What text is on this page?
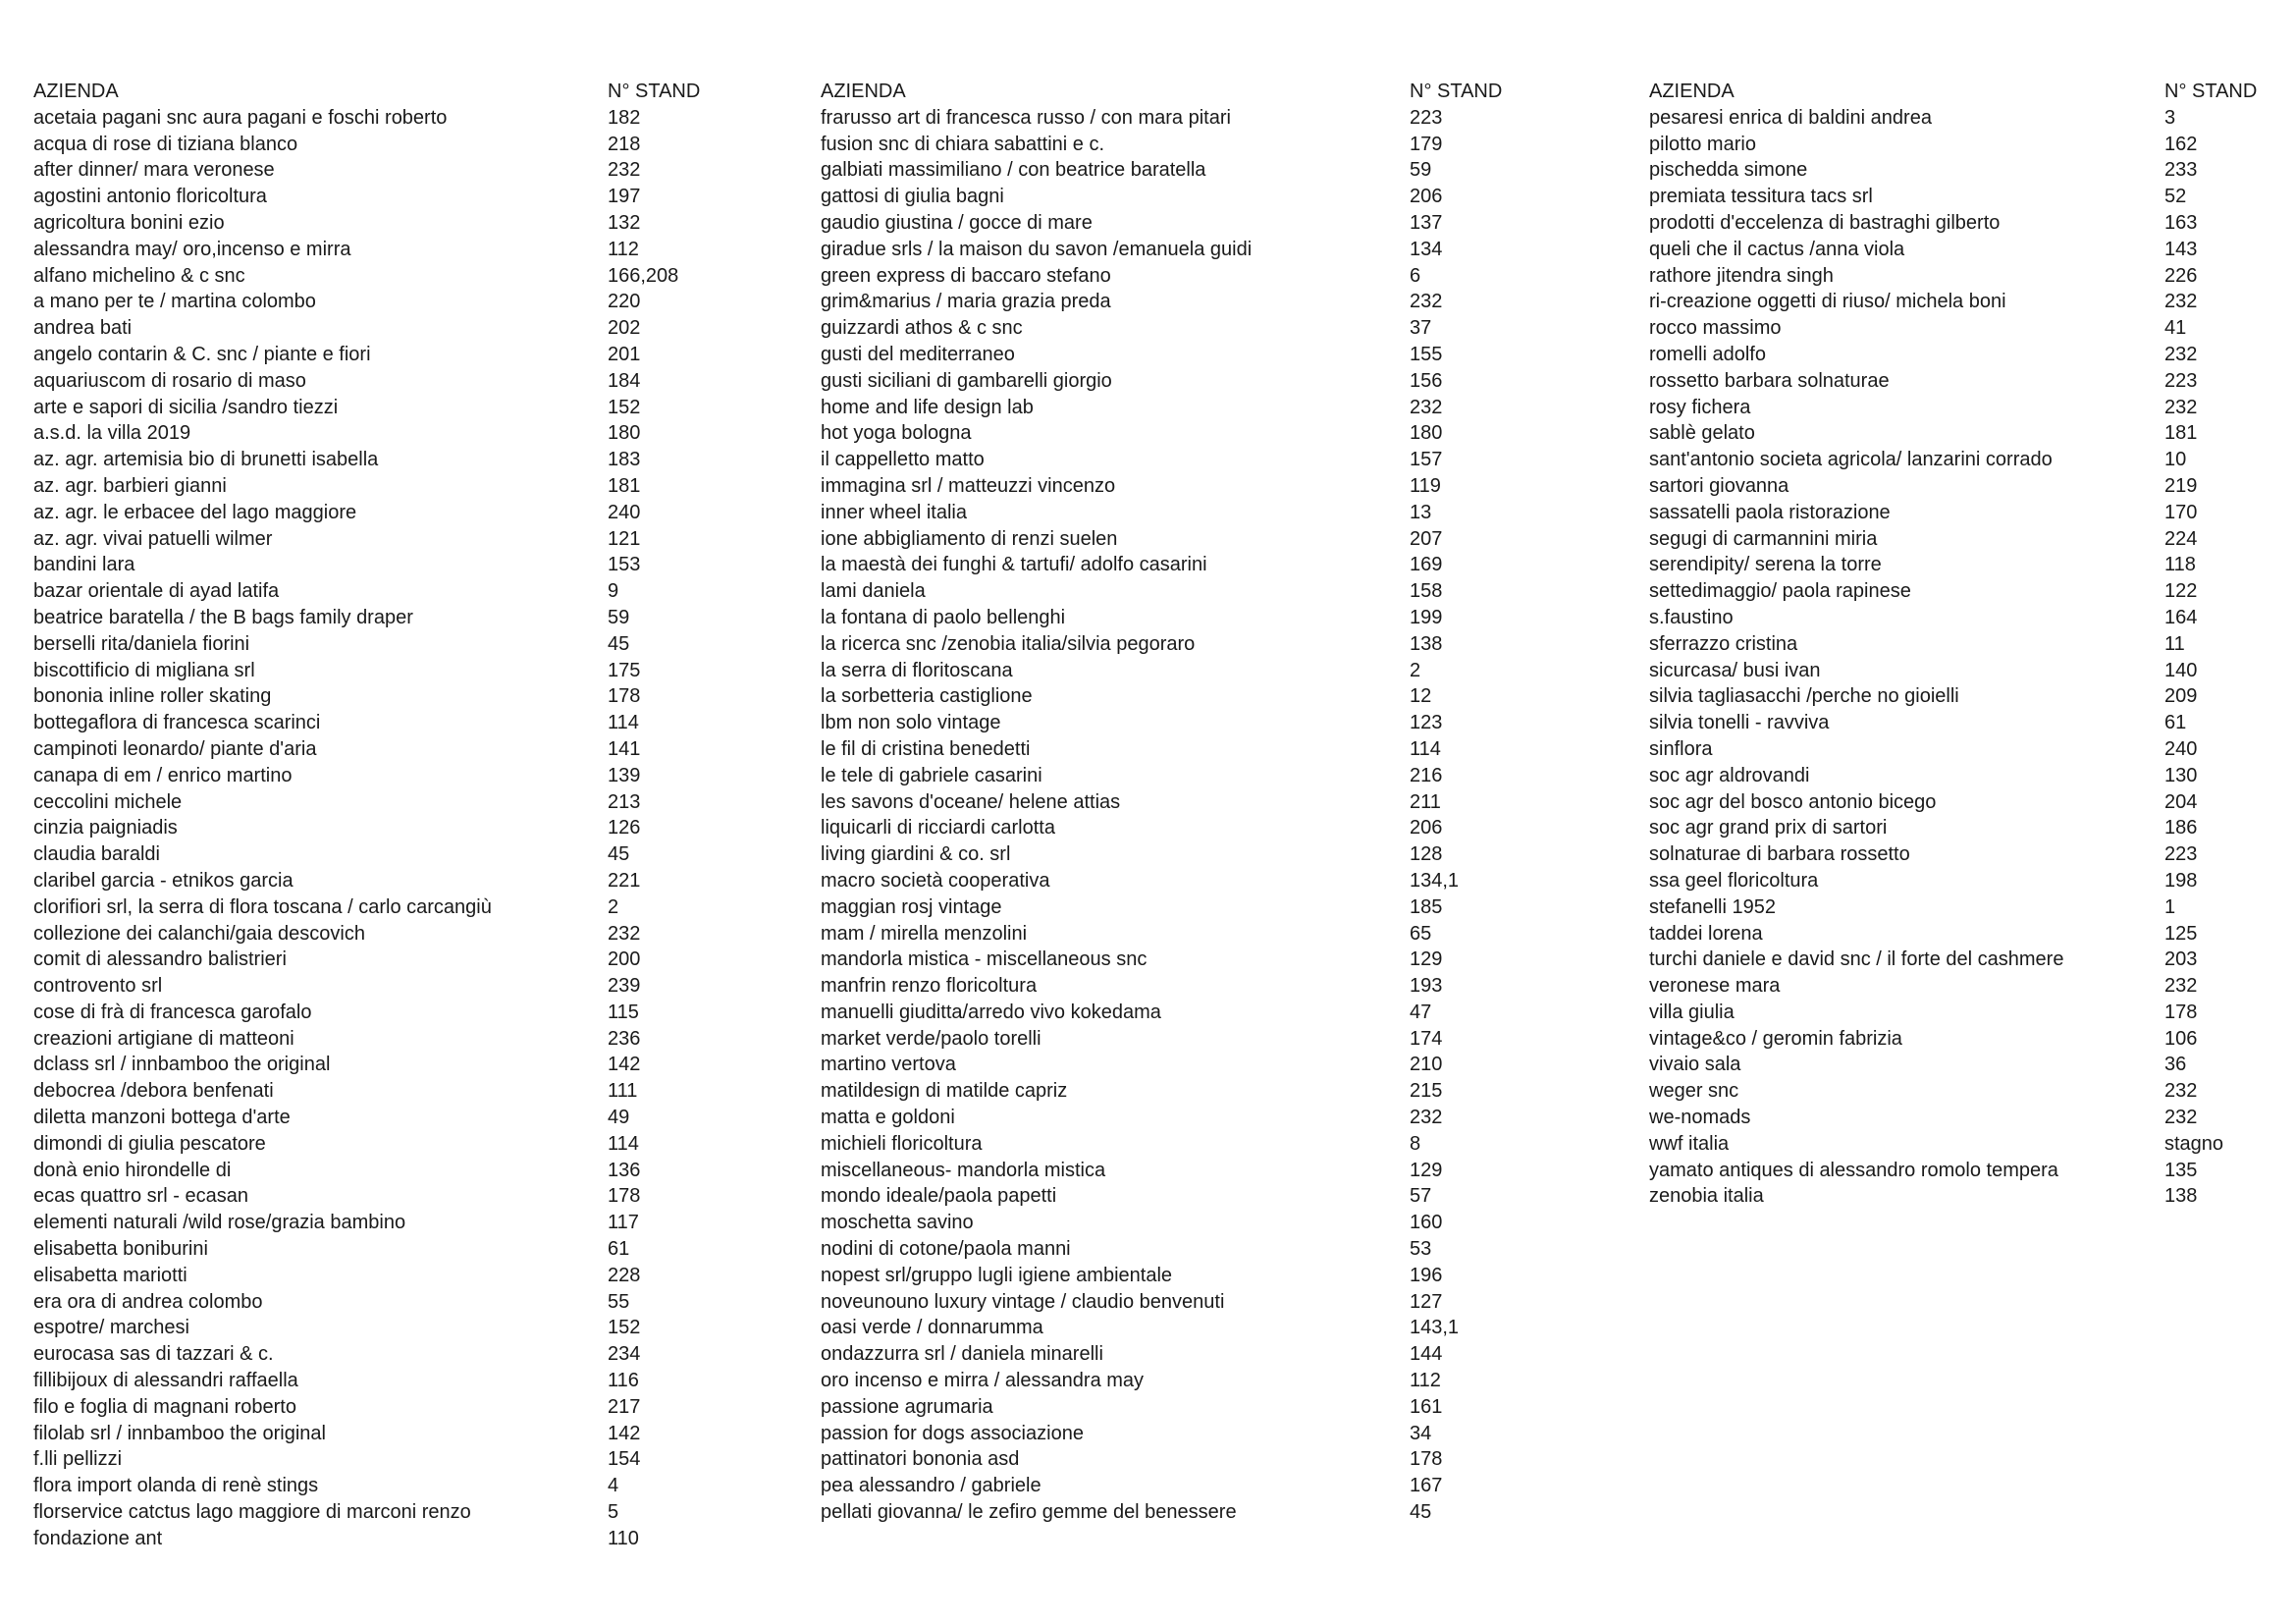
AZIENDA	N° STAND
acetaia pagani snc aura pagani e foschi roberto	182
acqua di rose di tiziana blanco	218
after dinner/ mara veronese	232
agostini antonio floricoltura	197
agricoltura bonini ezio	132
alessandra may/ oro,incenso e mirra	112
alfano michelino & c snc	166,208
a mano per te / martina colombo	220
andrea bati	202
angelo contarin & C. snc / piante e fiori	201
aquariuscom di rosario di maso	184
arte e sapori di sicilia /sandro tiezzi	152
a.s.d. la villa 2019	180
az. agr. artemisia bio di brunetti isabella	183
az. agr. barbieri gianni	181
az. agr. le erbacee del lago maggiore	240
az. agr. vivai patuelli wilmer	121
bandini lara	153
bazar orientale di ayad latifa	9
beatrice baratella / the B bags family draper	59
berselli rita/daniela fiorini	45
biscottificio di migliana srl	175
bononia inline roller skating	178
bottegaflora di francesca scarinci	114
campinoti leonardo/ piante d'aria	141
canapa di em / enrico martino	139
ceccolini michele	213
cinzia paigniadis	126
claudia baraldi	45
claribel garcia - etnikos garcia	221
clorifiori srl, la serra di flora toscana / carlo carcangiù	2
collezione dei calanchi/gaia descovich	232
comit di alessandro balistrieri	200
controvento srl	239
cose di frà di francesca garofalo	115
creazioni artigiane di matteoni	236
dclass srl / innbamboo the original	142
debocrea /debora benfenati	111
diletta manzoni bottega d'arte	49
dimondi di giulia pescatore	114
donà enio hirondelle di	136
ecas quattro srl - ecasan	178
elementi naturali /wild rose/grazia bambino	117
elisabetta boniburini	61
elisabetta mariotti	228
era ora di andrea colombo	55
espotre/ marchesi	152
eurocasa sas di tazzari & c.	234
fillibijoux di alessandri raffaella	116
filo e foglia di magnani roberto	217
filolab srl / innbamboo the original	142
f.lli pellizzi	154
flora import olanda di renè stings	4
florservice catctus lago maggiore di marconi renzo	5
fondazione ant	110
AZIENDA	N° STAND
frarusso art di francesca russo / con mara pitari	223
fusion snc di chiara sabattini e c.	179
galbiati massimiliano / con beatrice baratella	59
gattosi di giulia bagni	206
gaudio giustina / gocce di mare	137
giradue srls / la maison du savon /emanuela guidi	134
green express di baccaro stefano	6
grim&marius / maria grazia preda	232
guizzardi athos & c snc	37
gusti del mediterraneo	155
gusti siciliani di gambarelli giorgio	156
home and life design lab	232
hot yoga bologna	180
il cappelletto matto	157
immagina srl / matteuzzi vincenzo	119
inner wheel italia	13
ione abbigliamento di renzi suelen	207
la maestà dei funghi & tartufi/ adolfo casarini	169
lami daniela	158
la fontana di paolo bellenghi	199
la ricerca snc /zenobia italia/silvia pegoraro	138
la serra di floritoscana	2
la sorbetteria castiglione	12
lbm non solo vintage	123
le fil di cristina benedetti	114
le tele di gabriele casarini	216
les savons d'oceane/ helene attias	211
liquicarli di ricciardi carlotta	206
living giardini & co. srl	128
macro società cooperativa	134,1
maggian rosj vintage	185
mam / mirella menzolini	65
mandorla mistica - miscellaneous snc	129
manfrin renzo floricoltura	193
manuelli giuditta/arredo vivo kokedama	47
market verde/paolo torelli	174
martino vertova	210
matildesign di matilde capriz	215
matta e goldoni	232
michieli floricoltura	8
miscellaneous- mandorla mistica	129
mondo ideale/paola papetti	57
moschetta savino	160
nodini di cotone/paola manni	53
nopest srl/gruppo lugli igiene ambientale	196
noveunouno luxury vintage / claudio benvenuti	127
oasi verde / donnarumma	143,1
ondazzurra srl / daniela minarelli	144
oro incenso e mirra / alessandra may	112
passione agrumaria	161
passion for dogs associazione	34
pattinatori bononia asd	178
pea alessandro / gabriele	167
pellati giovanna/ le zefiro gemme del benessere	45
AZIENDA	N° STAND
pesaresi enrica di baldini andrea	3
pilotto mario	162
pischedda simone	233
premiata tessitura tacs srl	52
prodotti d'eccelenza di bastraghi gilberto	163
queli che il cactus /anna viola	143
rathore jitendra singh	226
ri-creazione oggetti di riuso/ michela boni	232
rocco massimo	41
romelli adolfo	232
rossetto barbara solnaturae	223
rosy fichera	232
sablè gelato	181
sant'antonio societa agricola/ lanzarini corrado	10
sartori giovanna	219
sassatelli paola ristorazione	170
segugi di carmannini miria	224
serendipity/ serena la torre	118
settedimaggio/ paola rapinese	122
s.faustino	164
sferrazzo cristina	11
sicurcasa/ busi ivan	140
silvia tagliasacchi /perche no gioielli	209
silvia tonelli - ravviva	61
sinflora	240
soc agr aldrovandi	130
soc agr del bosco antonio bicego	204
soc agr grand prix di sartori	186
solnaturae di barbara rossetto	223
ssa geel floricoltura	198
stefanelli 1952	1
taddei lorena	125
turchi daniele e david snc / il forte del cashmere	203
veronese mara	232
villa giulia	178
vintage&co / geromin fabrizia	106
vivaio sala	36
weger snc	232
we-nomads	232
wwf italia	stagno
yamato antiques di alessandro romolo tempera	135
zenobia italia	138
